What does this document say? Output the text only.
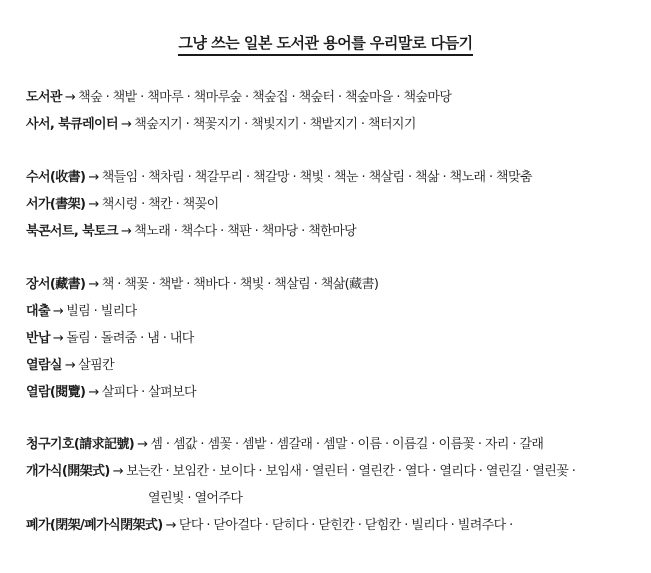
그냥 쓰는 일본 도서관 용어를 우리말로 다듬기
도서관 → 책숲 · 책밭 · 책마루 · 책마루숲 · 책숲집 · 책숲터 · 책숲마을 · 책숲마당
사서, 북큐레이터 → 책숲지기 · 책꽃지기 · 책빛지기 · 책밭지기 · 책터지기
수서(收書) → 책들임 · 책차림 · 책갈무리 · 책갈망 · 책빛 · 책눈 · 책살림 · 책삶 · 책노래 · 책맞춤
서가(書架) → 책시렁 · 책칸 · 책꽂이
북콘서트, 북토크 → 책노래 · 책수다 · 책판 · 책마당 · 책한마당
장서(藏書) → 책 · 책꽃 · 책밭 · 책바다 · 책빛 · 책살림 · 책삶(藏書)
대출 → 빌림 · 빌리다
반납 → 돌림 · 돌려줌 · 냄 · 내다
열람실 → 살핌칸
열람(閱覽) → 살피다 · 살펴보다
청구기호(請求記號) → 셈 · 셈값 · 셈꽃 · 셈밭 · 셈갈래 · 셈말 · 이름 · 이름길 · 이름꽃 · 자리 · 갈래
개가식(開架式) → 보는칸 · 보임칸 · 보이다 · 보임새 · 열린터 · 열린칸 · 열다 · 열리다 · 열린길 · 열린꽃 ·
열린빛 · 열어주다
폐가(閉架/폐가식閉架式) → 닫다 · 닫아걸다 · 닫히다 · 닫힌칸 · 닫힘칸 · 빌리다 · 빌려주다 ·
